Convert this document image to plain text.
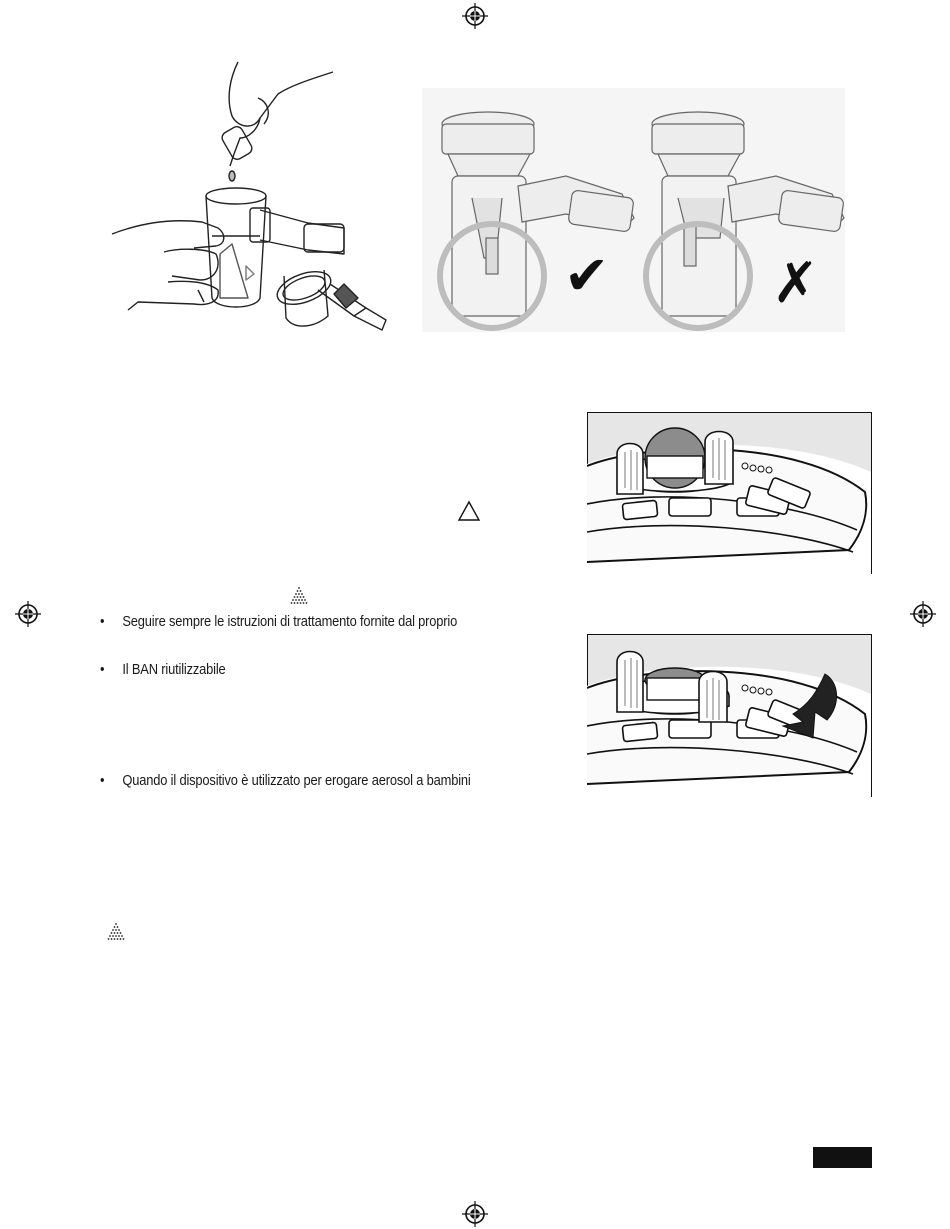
✔	✗
• Seguire sempre le istruzioni di trattamento fornite dal proprio
• Il BAN riutilizzabile
• Quando il dispositivo è utilizzato per erogare aerosol a bambini
